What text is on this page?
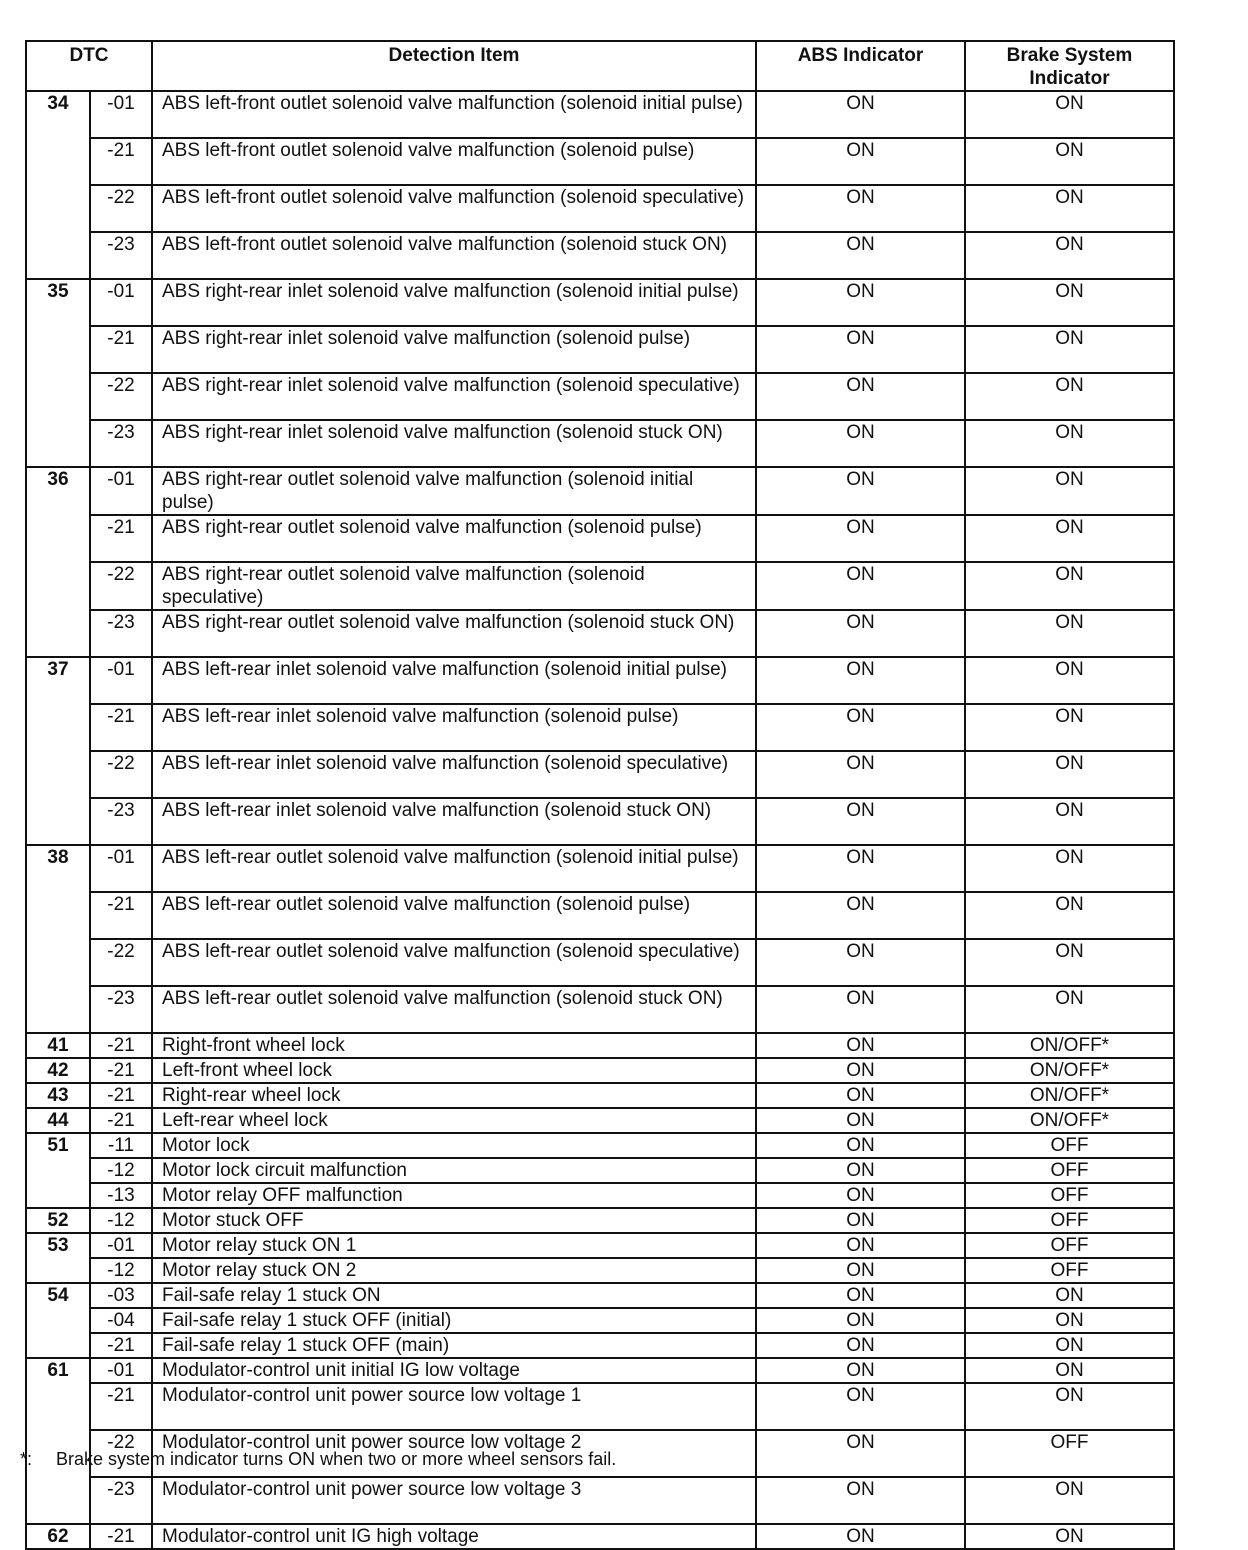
DTC		Detection Item	ABS Indicator	Brake System Indicator
34	-01	ABS left-front outlet solenoid valve malfunction (solenoid initial pulse)	ON	ON
	-21	ABS left-front outlet solenoid valve malfunction (solenoid pulse)	ON	ON
	-22	ABS left-front outlet solenoid valve malfunction (solenoid speculative)	ON	ON
	-23	ABS left-front outlet solenoid valve malfunction (solenoid stuck ON)	ON	ON
35	-01	ABS right-rear inlet solenoid valve malfunction (solenoid initial pulse)	ON	ON
	-21	ABS right-rear inlet solenoid valve malfunction (solenoid pulse)	ON	ON
	-22	ABS right-rear inlet solenoid valve malfunction (solenoid speculative)	ON	ON
	-23	ABS right-rear inlet solenoid valve malfunction (solenoid stuck ON)	ON	ON
36	-01	ABS right-rear outlet solenoid valve malfunction (solenoid initial pulse)	ON	ON
	-21	ABS right-rear outlet solenoid valve malfunction (solenoid pulse)	ON	ON
	-22	ABS right-rear outlet solenoid valve malfunction (solenoid speculative)	ON	ON
	-23	ABS right-rear outlet solenoid valve malfunction (solenoid stuck ON)	ON	ON
37	-01	ABS left-rear inlet solenoid valve malfunction (solenoid initial pulse)	ON	ON
	-21	ABS left-rear inlet solenoid valve malfunction (solenoid pulse)	ON	ON
	-22	ABS left-rear inlet solenoid valve malfunction (solenoid speculative)	ON	ON
	-23	ABS left-rear inlet solenoid valve malfunction (solenoid stuck ON)	ON	ON
38	-01	ABS left-rear outlet solenoid valve malfunction (solenoid initial pulse)	ON	ON
	-21	ABS left-rear outlet solenoid valve malfunction (solenoid pulse)	ON	ON
	-22	ABS left-rear outlet solenoid valve malfunction (solenoid speculative)	ON	ON
	-23	ABS left-rear outlet solenoid valve malfunction (solenoid stuck ON)	ON	ON
41	-21	Right-front wheel lock	ON	ON/OFF*
42	-21	Left-front wheel lock	ON	ON/OFF*
43	-21	Right-rear wheel lock	ON	ON/OFF*
44	-21	Left-rear wheel lock	ON	ON/OFF*
51	-11	Motor lock	ON	OFF
	-12	Motor lock circuit malfunction	ON	OFF
	-13	Motor relay OFF malfunction	ON	OFF
52	-12	Motor stuck OFF	ON	OFF
53	-01	Motor relay stuck ON 1	ON	OFF
	-12	Motor relay stuck ON 2	ON	OFF
54	-03	Fail-safe relay 1 stuck ON	ON	ON
	-04	Fail-safe relay 1 stuck OFF (initial)	ON	ON
	-21	Fail-safe relay 1 stuck OFF (main)	ON	ON
61	-01	Modulator-control unit initial IG low voltage	ON	ON
	-21	Modulator-control unit power source low voltage 1	ON	ON
	-22	Modulator-control unit power source low voltage 2	ON	OFF
	-23	Modulator-control unit power source low voltage 3	ON	ON
62	-21	Modulator-control unit IG high voltage	ON	ON
*: Brake system indicator turns ON when two or more wheel sensors fail.
